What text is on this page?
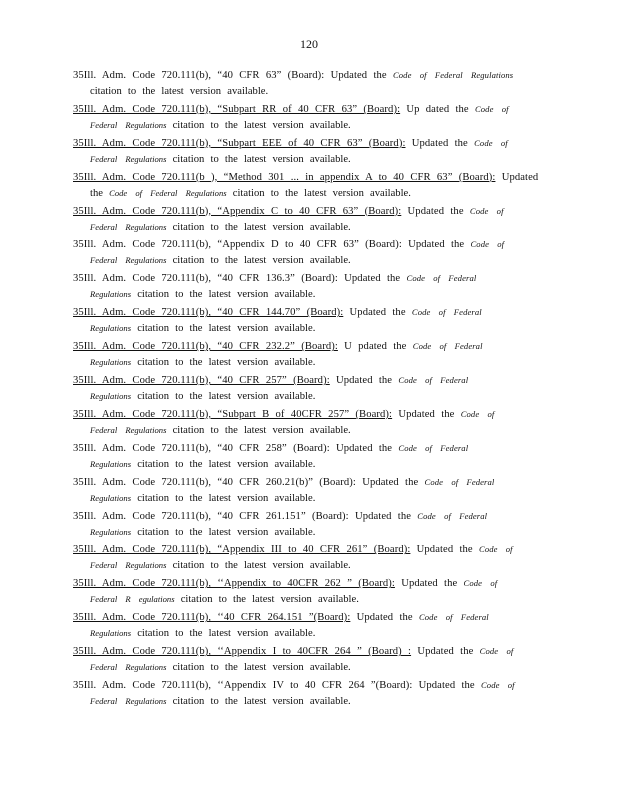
120
35Ill. Adm. Code 720.111(b), “40 CFR 63” (Board): Updated the Code of Federal Regulations
citation to the latest version available.
35Ill. Adm. Code 720.111(b), “Subpart RR of 40 CFR 63” (Board): Up dated the Code of
Federal Regulations citation to the latest version available.
35Ill. Adm. Code 720.111(b), “Subpart EEE of 40 CFR 63” (Board): Updated the Code of
Federal Regulations citation to the latest version available.
35Ill. Adm. Code 720.111(b ), “Method 301 ... in appendix A to 40 CFR 63” (Board): Updated
the Code of Federal Regulations citation to the latest version available.
35Ill. Adm. Code 720.111(b), “Appendix C to 40 CFR 63” (Board): Updated the Code of
Federal Regulations citation to the latest version available.
35Ill. Adm. Code 720.111(b), “Appendix D to 40 CFR 63” (Board): Updated the Code of
Federal Regulations citation to the latest version available.
35Ill. Adm. Code 720.111(b), “40 CFR 136.3” (Board): Updated the Code of Federal
Regulations citation to the latest version available.
35Ill. Adm. Code 720.111(b), “40 CFR 144.70” (Board): Updated the Code of Federal
Regulations citation to the latest version available.
35Ill. Adm. Code 720.111(b), “40 CFR 232.2” (Board): U pdated the Code of Federal
Regulations citation to the latest version available.
35Ill. Adm. Code 720.111(b), “40 CFR 257” (Board): Updated the Code of Federal
Regulations citation to the latest version available.
35Ill. Adm. Code 720.111(b), “Subpart B of 40CFR 257” (Board): Updated the Code of
Federal Regulations citation to the latest version available.
35Ill. Adm. Code 720.111(b), “40 CFR 258” (Board): Updated the Code of Federal
Regulations citation to the latest version available.
35Ill. Adm. Code 720.111(b), “40 CFR 260.21(b)” (Board): Updated the Code of Federal
Regulations citation to the latest version available.
35Ill. Adm. Code 720.111(b), “40 CFR 261.151” (Board): Updated the Code of Federal
Regulations citation to the latest version available.
35Ill. Adm. Code 720.111(b), “Appendix III to 40 CFR 261” (Board): Updated the Code of
Federal Regulations citation to the latest version available.
35Ill. Adm. Code 720.111(b), ‘‘Appendix to 40CFR 262 ” (Board): Updated the Code of
Federal R egulations citation to the latest version available.
35Ill. Adm. Code 720.111(b), ‘‘40 CFR 264.151 ”(Board): Updated the Code of Federal
Regulations citation to the latest version available.
35Ill. Adm. Code 720.111(b), ‘‘Appendix I to 40CFR 264 ” (Board) : Updated the Code of
Federal Regulations citation to the latest version available.
35Ill. Adm. Code 720.111(b), ‘‘Appendix IV to 40 CFR 264 ”(Board): Updated the Code of
Federal Regulations citation to the latest version available.
